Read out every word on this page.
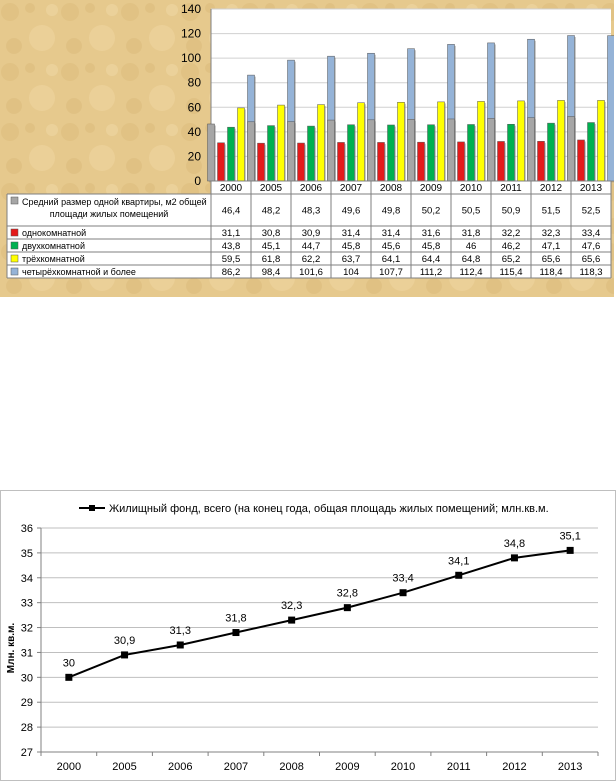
0
20
40
60
80
100
120
140
2000 2005 2006 2007 2008 2009 2010 2011 2012 2013
Средний размер одной квартиры, м2 общей площади жилых помещений	46,4 48,2 48,3 49,6 49,8 50,2 50,5 50,9 51,5 52,5
однокомнатной	31,1 30,8 30,9 31,4 31,4 31,6 31,8 32,2 32,3 33,4
двухкомнатной	43,8 45,1 44,7 45,8 45,6 45,8	46	46,2 47,1 47,6
трёхкомнатной	59,5 61,8 62,2 63,7 64,1 64,4 64,8 65,2 65,6 65,6
четырёхкомнатной и более	86,2 98,4 101,6 104 107,7 111,2 112,4 115,4 118,4 118,3
Жилищный фонд, всего (на конец года, общая площадь жилых помещений; млн.кв.м.
Млн. кв.м.
27
28
29
30
31
32
33
34
35
36
2000	2005	2006	2007	2008	2009	2010	2011	2012	2013
30
30,9
31,3
31,8
32,3
32,8
33,4
34,1
34,8
35,1
